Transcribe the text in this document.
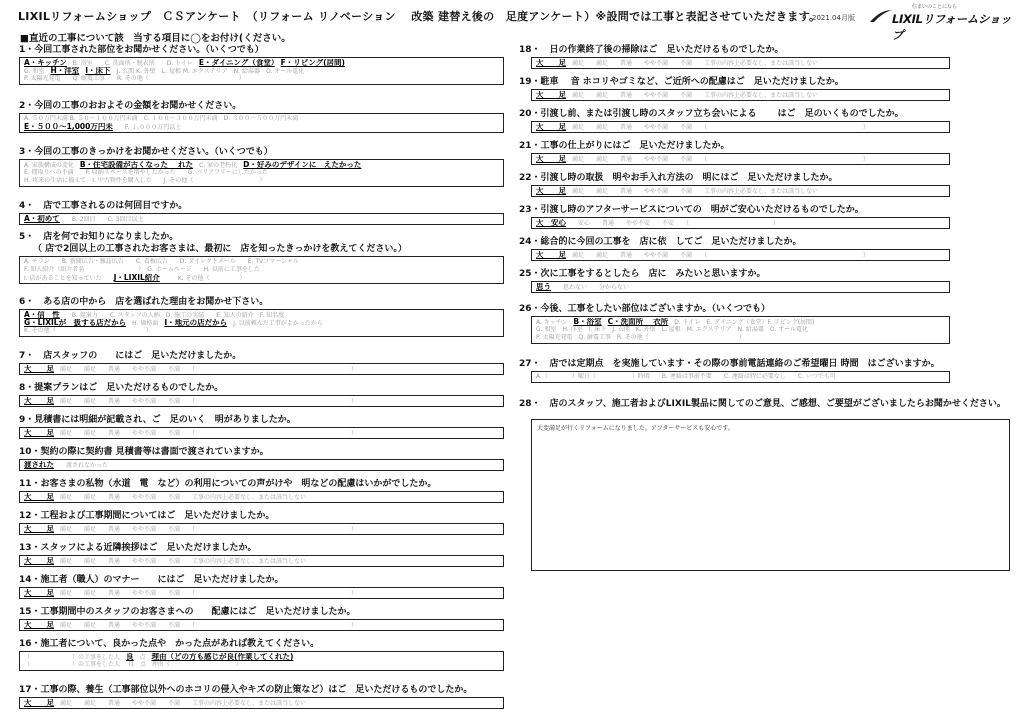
LIXILリフォームショップ　ＣＳアンケート　（リフォーム リノベーション　 改築 建替え後の　足度アンケート）※設問では工事と表記させていただきます。
2021.04月版
住まいのことになら
LIXILリフォームショップ
■直近の工事について該　当する項目に◯をお付け(ください。
1・今回工事された部位をお聞かせください。（いくつでも）
A・キッチン　B. 浴室　　C. 洗面所・脱衣所　　D. トイレ　E・ダイニング（食堂）　 F・リビング(居間)
G. 和室　H・洋室　 I・床下　J. 玄関 K. 外壁　L. 屋根 M. エクステリア　N. 給湯器　O. オール電化
P. 太陽光発電　　Q. 耐震工事　　R. その他（　　　　　　　　　　　　　　　）
2・今回の工事のおおよその金額をお聞かせください。
A. ５０万円未満 B. ５０～１００万円未満　C. １００～３００万円未満　D. ３００～５００万円未満
E・５００～1,000万円未　　F. １,０００万円以上
3・今回の工事のきっかけをお聞かせください。（いくつでも）
A. 家族構成の変化　B・住宅設備が古くなった　 れた　C. 家の老朽化　D・好みのデザインに　えたかった
E. 間取りへの不満　　F. 収納スペースを増やしたかった　　G. バリアフリーにしたかった
H. 将来の生活に備えて　I. 中古物件を購入した　　J. その他（　　　　　　　　　　　）
4・　店で工事されるのは何回目ですか。
A・初めて　　B. 2回目　　C. 3回目以上
5・　店を何でお知りになりましたか。
（ 店で2回以上の工事されたお客さまは、最初に　店を知ったきっかけを教えてください。）
A. チラシ　　B. 新聞広告・雑誌広告　　C. 看板広告　　D. ダイレクトメール　　E. TVコマーシャル
F. 知人紹介（紹介者名　　　　　　　　　）　G. ホームページ　　H. 以前に工事をした
I. 店があることを知っていた　　J・LIXIL紹介　　　K. その他（　　　　　）
6・　ある店の中から　店を選ばれた理由をお聞かせ下さい。
A・信　性　　B. 提案力　　C. スタッフの人柄　D. 施工の実績　　E. 知人の紹介　F. 知名度
G・LIXILが　扱する店だから　H. 価格面　I・地元の店だから　J. 以前頼んだ工事がよかったから
K. その他（　　　　　　　　　　　　　　　）
7・　店スタッフの　　にはご　足いただけましたか。
大　　足　 満足　　満足　　普通　　やや不満　　不満　　（　　　　　　　　　　　　　　　　　　　　　　　　　　）
8・提案プランはご　足いただけるものでしたか。
大　　足　 満足　　満足　　普通　　やや不満　　不満　　（　　　　　　　　　　　　　　　　　　　　　　　　　　）
9・見積書には明細が記載され、ご　足のいく　明がありましたか。
大　　足　 満足　　満足　　普通　　やや不満　　不満　　（　　　　　　　　　　　　　　　　　　　　　　　　　　）
10・契約の際に契約書 見積書等は書面で渡されていますか。
渡された　　渡されなかった
11・お客さまの私物（水道　電　など）の利用についての声がけや　明などの配慮はいかがでしたか。
大　　足　 満足　　満足　　普通　　やや不満　　不満　　工事の内容上必要なし、または該当しない
12・工程および工事期間についてはご　足いただけましたか。
大　　足　 満足　　満足　　普通　　やや不満　　不満　　（　　　　　　　　　　　　　　　　　　　　　　　　　　）
13・スタッフによる近隣挨拶はご　足いただけましたか。
大　　足　 満足　　満足　　普通　　やや不満　　不満　　工事の内容上必要なし、または該当しない
14・施工者（職人）のマナー　　にはご　足いただけましたか。
大　　足　 満足　　満足　　普通　　やや不満　　不満　　（　　　　　　　　　　　　　　　　　　　　　　　　　　）
15・工事期間中のスタッフのお客さまへの　　配慮にはご　足いただけましたか。
大　　足　 満足　　満足　　普通　　やや不満　　不満　　（　　　　　　　　　　　　　　　　　　　　　　　　　　）
16・施工者について、良かった点や　かった点があれば教えてください。
（　　　　　　　）の工事をした人　良　点　理由（どの方も感じが良(作業してくれた)
（　　　　　　　）の工事をした人　 良　点　理由（　　　　　　　　　　　）
17・工事の際、養生（工事部位以外へのホコリの侵入やキズの防止策など）はご　足いただけるものでしたか。
大　　足　 満足　　満足　　普通　　やや不満　　不満　　工事の内容上必要なし、または該当しない
18・　日の作業終了後の掃除はご　足いただけるものでしたか。
大　　足　 満足　　満足　　普通　　やや不満　　不満　　工事の内容上必要なし、または該当しない
19・駐車　 音 ホコリやゴミなど、ご近所への配慮はご　足いただけましたか。
大　　足　 満足　　満足　　普通　　やや不満　　不満　　工事の内容上必要なし、または該当しない
20・引渡し前、または引渡し時のスタッフ立ち会いによる　　 はご　足のいくものでしたか。
大　　足　 満足　　満足　　普通　　やや不満　　不満　　（　　　　　　　　　　　　　　　　　　　　　　　　　　）
21・工事の仕上がりにはご　足いただけましたか。
大　　足　 満足　　満足　　普通　　やや不満　　不満　　（　　　　　　　　　　　　　　　　　　　　　　　　　　）
22・引渡し時の取扱　明やお手入れ方法の　明にはご　足いただけましたか。
大　　足　 満足　　満足　　普通　　やや不満　　不満　　工事の内容上必要なし、または該当しない
23・引渡し時のアフターサービスについての　明がご安心いただけるものでしたか。
大　安心　　安心　　普通　　やや不安　　不安　　（　　　　　　　　　　　　　　）
24・総合的に今回の工事を　店に依　してご　足いただけましたか。
大　　足　 満足　　満足　　普通　　やや不満　　不満　　（　　　　　　　　　　　　　　　　　　　　　　　　　　）
25・次に工事をするとしたら　店に　みたいと思いますか。
思う　　思わない　　分からない
26・今後、工事をしたい部位はございますか。（いくつでも）
A. キッチン　B・浴室　 C・洗面所　 衣所　D. トイレ　E. ダイニング（食堂）F. リビング(居間)
G. 和室　H. 洋室　I. 床下　J. 玄関　K. 外壁　L. 屋根　M. エクステリア　N. 給湯器　O. オール電化
P. 太陽光発電　Q. 耐震工事　R. その他（　　　　　　　　　　　　　　　）
27・　店では定期点　を実施しています・その際の事前電話連絡のご希望曜日 時間　はございますか。
A.（　　　　）曜日（　　　　　　）時頃　　B. 連絡は事前不要　　C. 連絡は特に必要なし　　C. いつでも可
28・　店のスタッフ、施工者およびLIXIL製品に関してのご意見、ご感想、ご要望がございましたらお聞かせください。
大変満足が行くリフォームになりました。アフターサービスも安心です。
